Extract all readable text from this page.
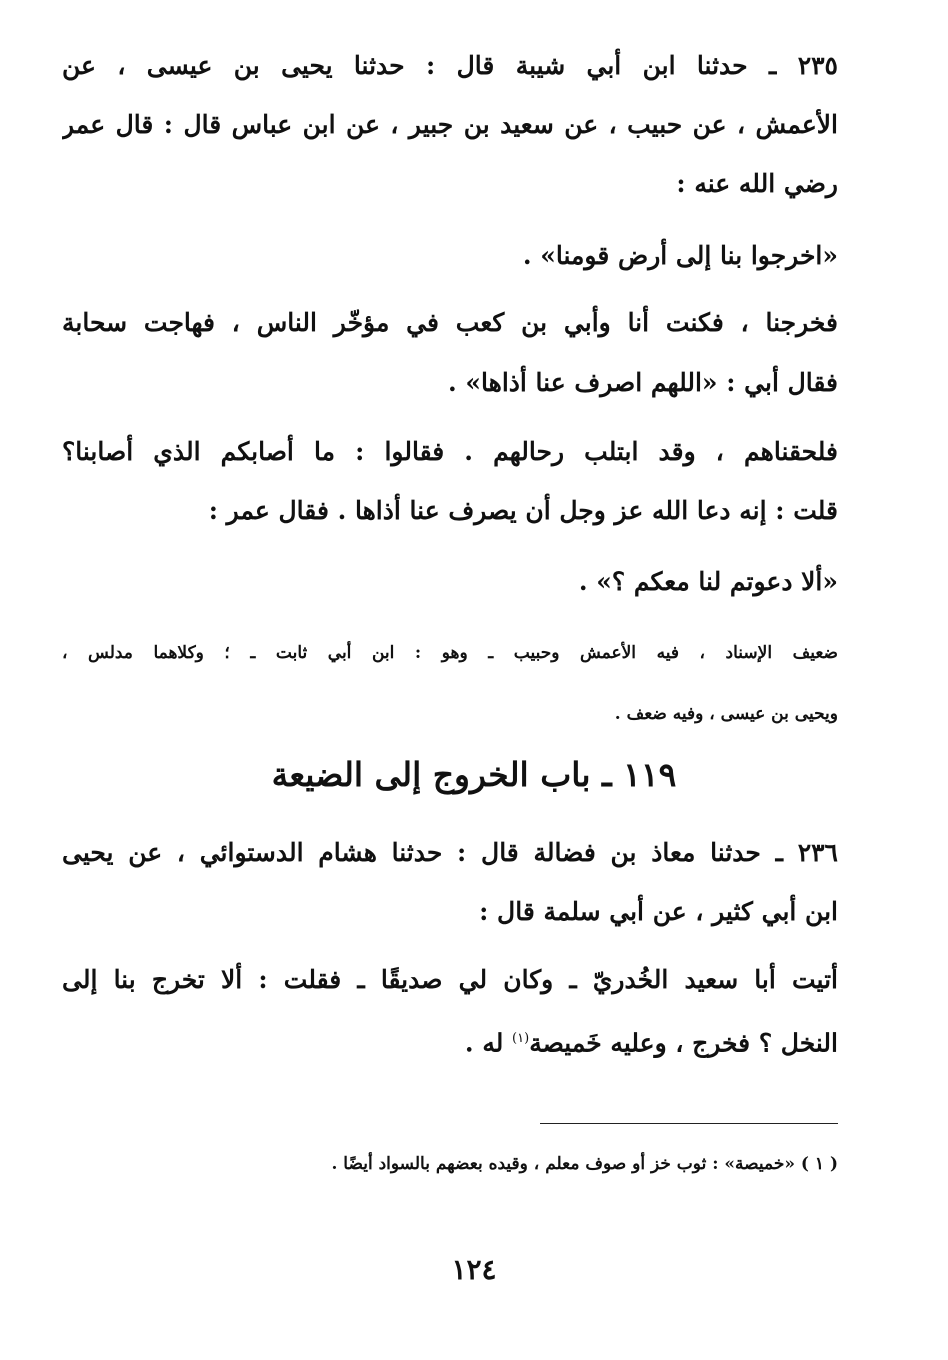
٢٣٥ ـ حدثنا ابن أبي شيبة قال : حدثنا يحيى بن عيسى ، عن
الأعمش ، عن حبيب ، عن سعيد بن جبير ، عن ابن عباس قال : قال عمر
رضي الله عنه :
«اخرجوا بنا إلى أرض قومنا» .
فخرجنا ، فكنت أنا وأبي بن كعب في مؤخّر الناس ، فهاجت سحابة
فقال أبي : «اللهم اصرف عنا أذاها» .
فلحقناهم ، وقد ابتلب رحالهم . فقالوا : ما أصابكم الذي أصابنا؟
قلت : إنه دعا الله عز وجل أن يصرف عنا أذاها . فقال عمر :
«ألا دعوتم لنا معكم ؟» .
ضعيف الإسناد ، فيه الأعمش وحبيب ـ وهو : ابن أبي ثابت ـ ؛ وكلاهما مدلس ،
ويحيى بن عيسى ، وفيه ضعف .
١١٩ ـ باب الخروج إلى الضيعة
٢٣٦ ـ حدثنا معاذ بن فضالة قال : حدثنا هشام الدستوائي ، عن يحيى
ابن أبي كثير ، عن أبي سلمة قال :
أتيت أبا سعيد الخُدريّ ـ وكان لي صديقًا ـ فقلت : ألا تخرج بنا إلى
النخل ؟ فخرج ، وعليه خَميصة$^{(١)}$ له .
( ١ ) «خميصة» : ثوب خز أو صوف معلم ، وقيده بعضهم بالسواد أيضًا .
١٢٤
